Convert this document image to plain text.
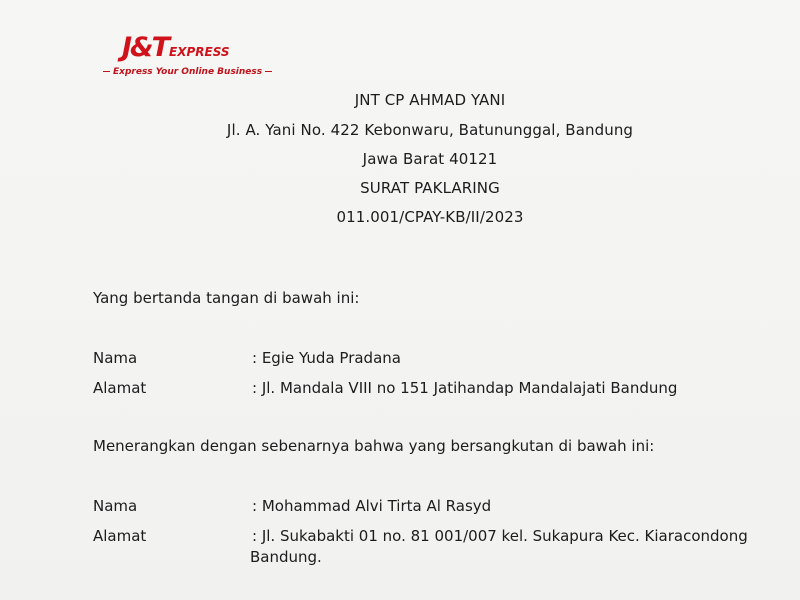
J&TEXPRESS
Express Your Online Business
JNT CP AHMAD YANI
Jl. A. Yani No. 422 Kebonwaru, Batununggal, Bandung
Jawa Barat 40121
SURAT PAKLARING
011.001/CPAY-KB/II/2023
Yang bertanda tangan di bawah ini:
Nama	: Egie Yuda Pradana
Alamat	: Jl. Mandala VIII no 151 Jatihandap Mandalajati Bandung
Menerangkan dengan sebenarnya bahwa yang bersangkutan di bawah ini:
Nama	: Mohammad Alvi Tirta Al Rasyd
Alamat	: Jl. Sukabakti 01 no. 81 001/007 kel. Sukapura Kec. Kiaracondong
Bandung.
